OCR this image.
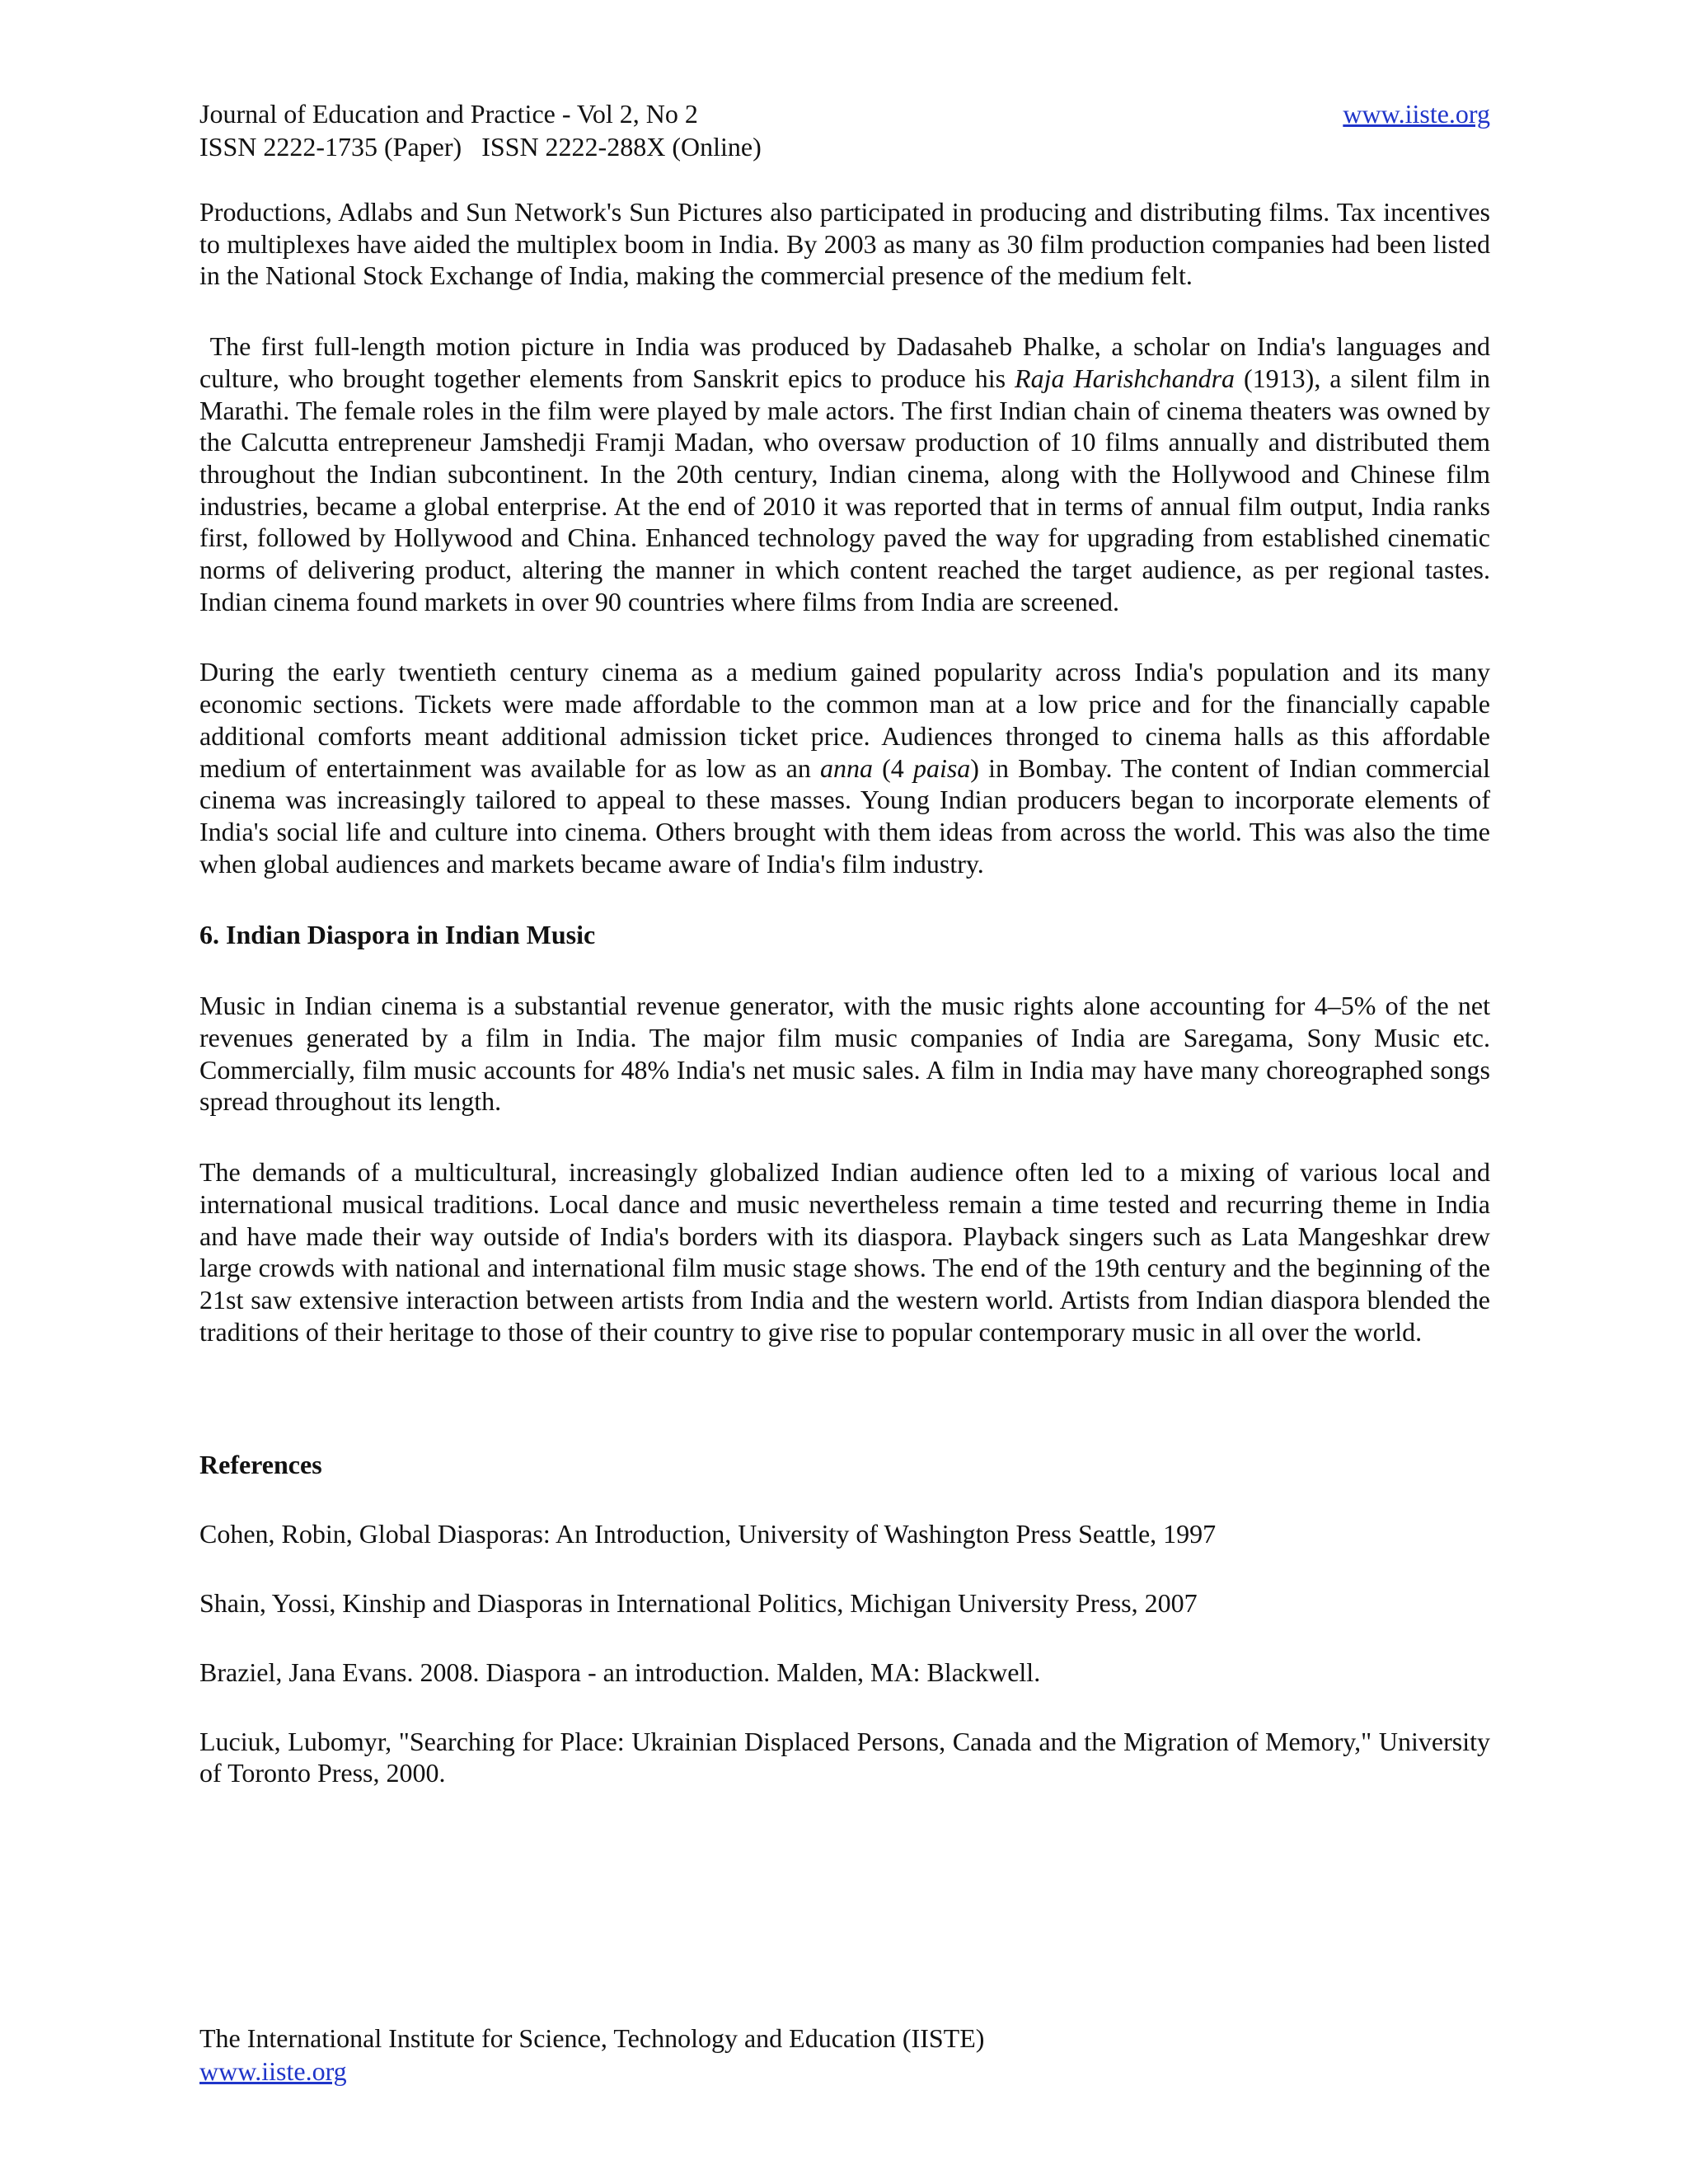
Journal of Education and Practice - Vol 2, No 2	www.iiste.org
ISSN 2222-1735 (Paper)   ISSN 2222-288X (Online)
Productions, Adlabs and Sun Network's Sun Pictures also participated in producing and distributing films. Tax incentives to multiplexes have aided the multiplex boom in India. By 2003 as many as 30 film production companies had been listed in the National Stock Exchange of India, making the commercial presence of the medium felt.
The first full-length motion picture in India was produced by Dadasaheb Phalke, a scholar on India's languages and culture, who brought together elements from Sanskrit epics to produce his Raja Harishchandra (1913), a silent film in Marathi. The female roles in the film were played by male actors. The first Indian chain of cinema theaters was owned by the Calcutta entrepreneur Jamshedji Framji Madan, who oversaw production of 10 films annually and distributed them throughout the Indian subcontinent. In the 20th century, Indian cinema, along with the Hollywood and Chinese film industries, became a global enterprise. At the end of 2010 it was reported that in terms of annual film output, India ranks first, followed by Hollywood and China. Enhanced technology paved the way for upgrading from established cinematic norms of delivering product, altering the manner in which content reached the target audience, as per regional tastes. Indian cinema found markets in over 90 countries where films from India are screened.
During the early twentieth century cinema as a medium gained popularity across India's population and its many economic sections. Tickets were made affordable to the common man at a low price and for the financially capable additional comforts meant additional admission ticket price. Audiences thronged to cinema halls as this affordable medium of entertainment was available for as low as an anna (4 paisa) in Bombay. The content of Indian commercial cinema was increasingly tailored to appeal to these masses. Young Indian producers began to incorporate elements of India's social life and culture into cinema. Others brought with them ideas from across the world. This was also the time when global audiences and markets became aware of India's film industry.
6. Indian Diaspora in Indian Music
Music in Indian cinema is a substantial revenue generator, with the music rights alone accounting for 4–5% of the net revenues generated by a film in India. The major film music companies of India are Saregama, Sony Music etc. Commercially, film music accounts for 48% India's net music sales. A film in India may have many choreographed songs spread throughout its length.
The demands of a multicultural, increasingly globalized Indian audience often led to a mixing of various local and international musical traditions. Local dance and music nevertheless remain a time tested and recurring theme in India and have made their way outside of India's borders with its diaspora. Playback singers such as Lata Mangeshkar drew large crowds with national and international film music stage shows. The end of the 19th century and the beginning of the 21st saw extensive interaction between artists from India and the western world. Artists from Indian diaspora blended the traditions of their heritage to those of their country to give rise to popular contemporary music in all over the world.
References
Cohen, Robin, Global Diasporas: An Introduction, University of Washington Press Seattle, 1997
Shain, Yossi, Kinship and Diasporas in International Politics, Michigan University Press, 2007
Braziel, Jana Evans. 2008. Diaspora - an introduction. Malden, MA: Blackwell.
Luciuk, Lubomyr, "Searching for Place: Ukrainian Displaced Persons, Canada and the Migration of Memory," University of Toronto Press, 2000.
The International Institute for Science, Technology and Education (IISTE)
www.iiste.org
